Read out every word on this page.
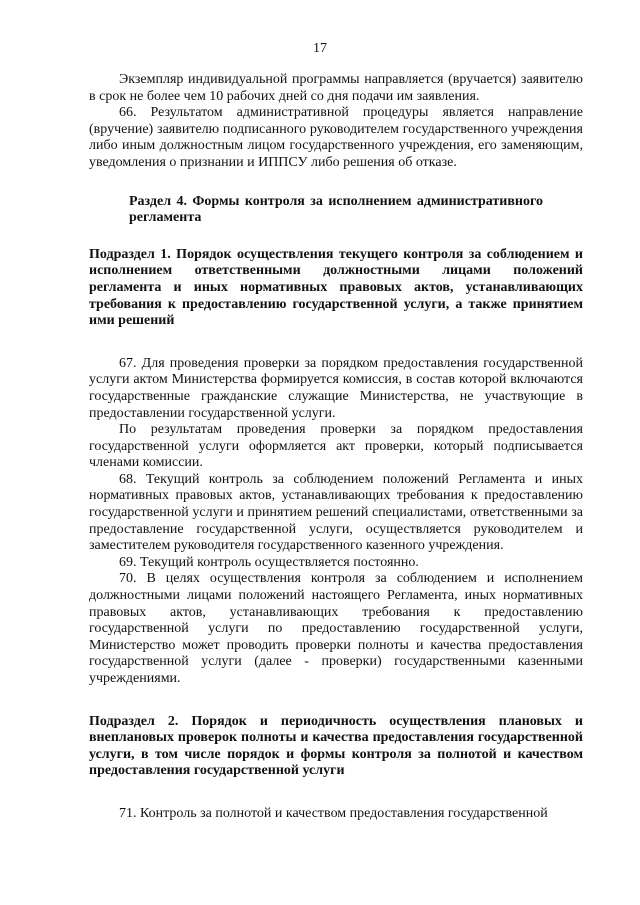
17

Экземпляр индивидуальной программы направляется (вручается) заявителю в срок не более чем 10 рабочих дней со дня подачи им заявления.

66. Результатом административной процедуры является направление (вручение) заявителю подписанного руководителем государственного учреждения либо иным должностным лицом государственного учреждения, его заменяющим, уведомления о признании и ИППСУ либо решения об отказе.

Раздел 4. Формы контроля за исполнением административного регламента

Подраздел 1. Порядок осуществления текущего контроля за соблюдением и исполнением ответственными должностными лицами положений регламента и иных нормативных правовых актов, устанавливающих требования к предоставлению государственной услуги, а также принятием ими решений

67. Для проведения проверки за порядком предоставления государственной услуги актом Министерства формируется комиссия, в состав которой включаются государственные гражданские служащие Министерства, не участвующие в предоставлении государственной услуги.

По результатам проведения проверки за порядком предоставления государственной услуги оформляется акт проверки, который подписывается членами комиссии.

68. Текущий контроль за соблюдением положений Регламента и иных нормативных правовых актов, устанавливающих требования к предоставлению государственной услуги и принятием решений специалистами, ответственными за предоставление государственной услуги, осуществляется руководителем и заместителем руководителя государственного казенного учреждения.

69. Текущий контроль осуществляется постоянно.

70. В целях осуществления контроля за соблюдением и исполнением должностными лицами положений настоящего Регламента, иных нормативных правовых актов, устанавливающих требования к предоставлению государственной услуги по предоставлению государственной услуги, Министерство может проводить проверки полноты и качества предоставления государственной услуги (далее - проверки) государственными казенными учреждениями.

Подраздел 2. Порядок и периодичность осуществления плановых и внеплановых проверок полноты и качества предоставления государственной услуги, в том числе порядок и формы контроля за полнотой и качеством предоставления государственной услуги

71. Контроль за полнотой и качеством предоставления государственной
